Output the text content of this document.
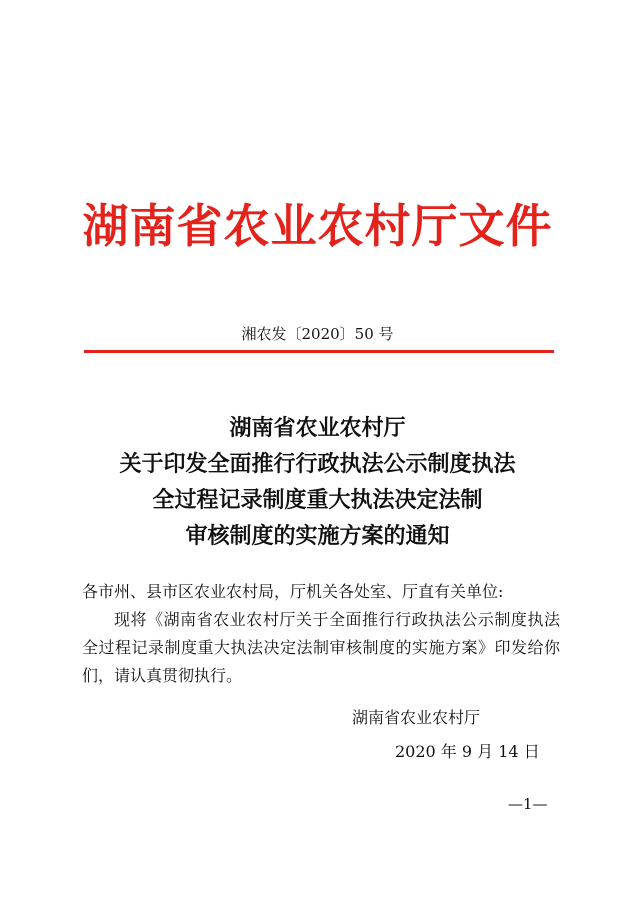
湖南省农业农村厅文件
湘农发〔2020〕50 号
湖南省农业农村厅
关于印发全面推行行政执法公示制度执法
全过程记录制度重大执法决定法制
审核制度的实施方案的通知
各市州、县市区农业农村局，厅机关各处室、厅直有关单位:
现将《湖南省农业农村厅关于全面推行行政执法公示制度执法全过程记录制度重大执法决定法制审核制度的实施方案》印发给你们，请认真贯彻执行。
湖南省农业农村厅
2020 年 9 月 14 日
—1—
